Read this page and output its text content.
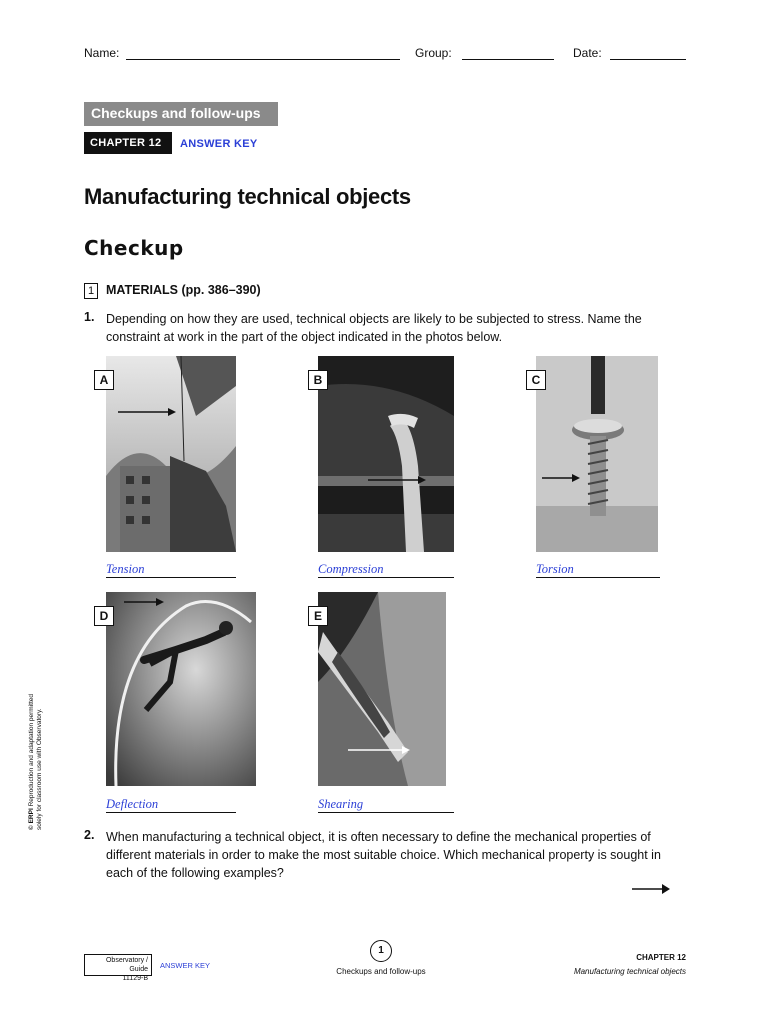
Name:	Group:	Date:
Checkups and follow-ups
CHAPTER 12	ANSWER KEY
Manufacturing technical objects
Checkup
1 MATERIALS (pp. 386–390)
1. Depending on how they are used, technical objects are likely to be subjected to stress. Name the constraint at work in the part of the object indicated in the photos below.
A
Tension
B
Compression
C
Torsion
D
Deflection
E
Shearing
2. When manufacturing a technical object, it is often necessary to define the mechanical properties of different materials in order to make the most suitable choice. Which mechanical property is sought in each of the following examples?
© ERPI Reproduction and adaptation permitted solely for classroom use with Observatory.
Observatory / Guide
11129-B
ANSWER KEY
1
Checkups and follow-ups
CHAPTER 12
Manufacturing technical objects
